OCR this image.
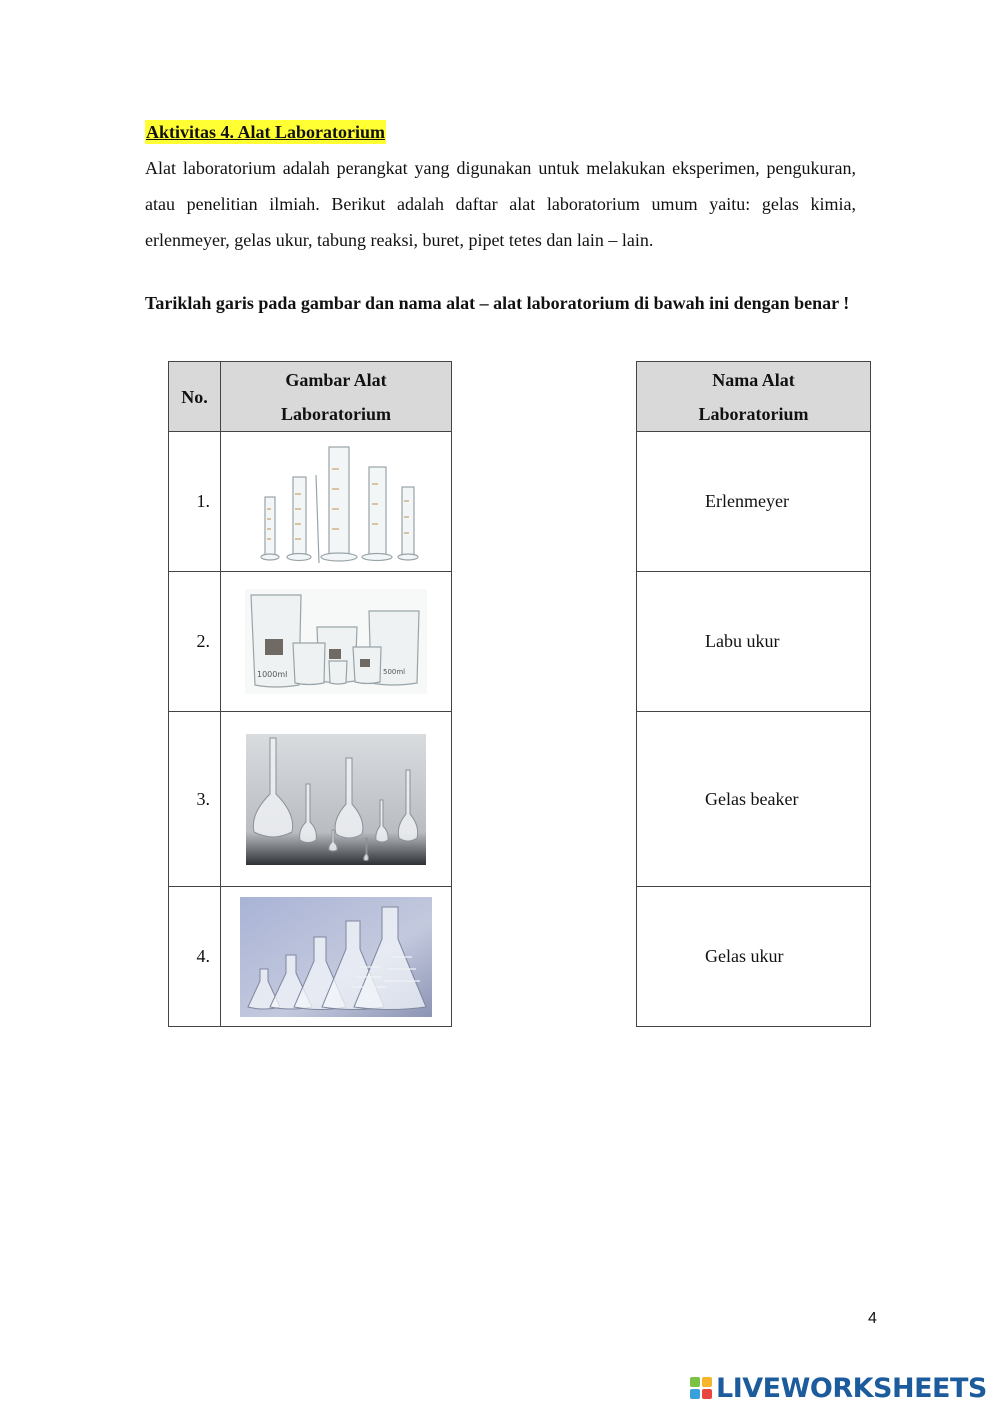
Aktivitas 4. Alat Laboratorium
Alat laboratorium adalah perangkat yang digunakan untuk melakukan eksperimen, pengukuran, atau penelitian ilmiah. Berikut adalah daftar alat laboratorium umum yaitu: gelas kimia, erlenmeyer, gelas ukur, tabung reaksi, buret, pipet tetes dan lain – lain.
Tariklah garis pada gambar dan nama alat – alat laboratorium di bawah ini dengan benar !
No.	Gambar Alat
Laboratorium

1.	

2.	1000ml 500ml

3.	

4.	
Nama Alat
Laboratorium

Erlenmeyer
Labu ukur
Gelas beaker
Gelas ukur
4
LIVEWORKSHEETS
